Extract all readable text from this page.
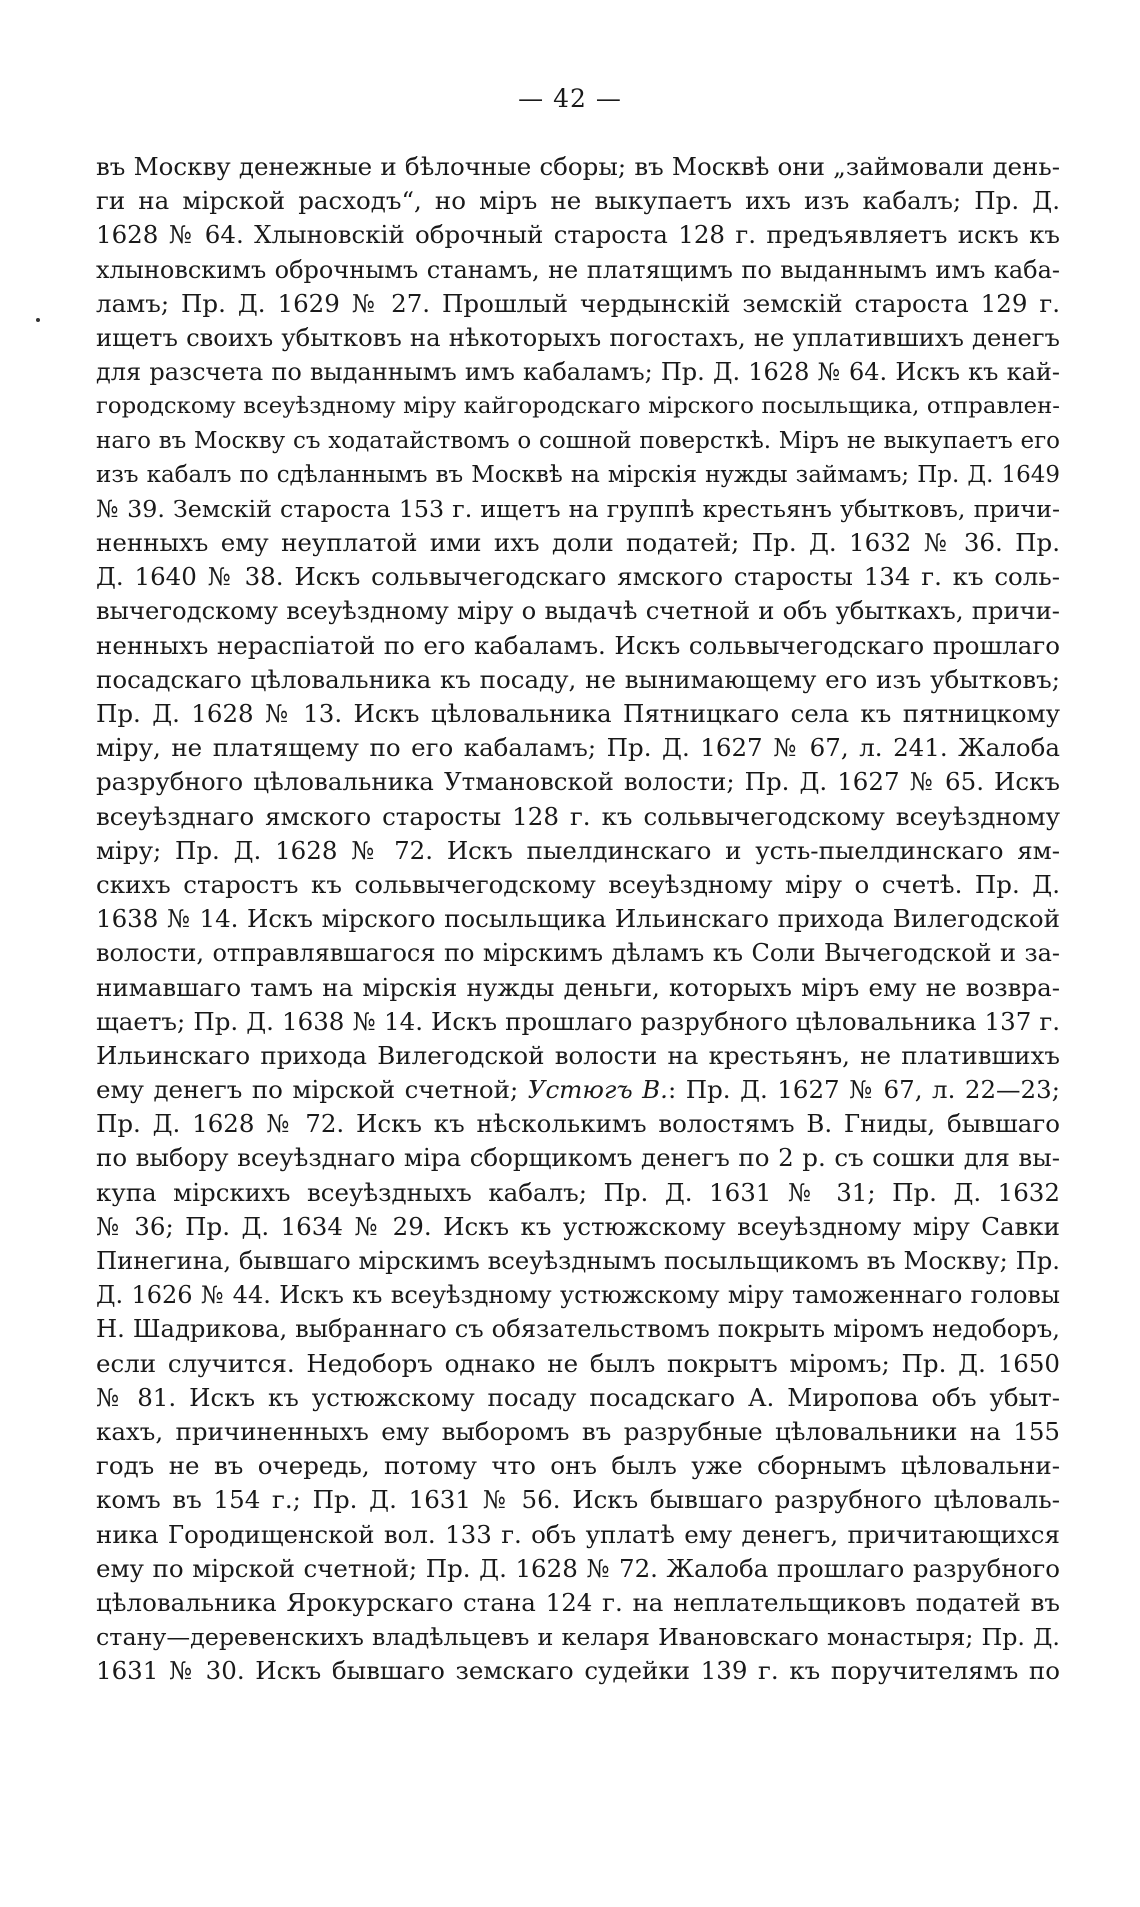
— 42 —
въ Москву денежные и бѣлочные сборы; въ Москвѣ они „займовали день-
ги на мірской расходъ“, но міръ не выкупаетъ ихъ изъ кабалъ; Пр. Д.
1628 № 64. Хлыновскій оброчный староста 128 г. предъявляетъ искъ къ
хлыновскимъ оброчнымъ станамъ, не платящимъ по выданнымъ имъ каба-
ламъ; Пр. Д. 1629 № 27. Прошлый чердынскій земскій староста 129 г.
ищетъ своихъ убытковъ на нѣкоторыхъ погостахъ, не уплатившихъ денегъ
для разсчета по выданнымъ имъ кабаламъ; Пр. Д. 1628 № 64. Искъ къ кай-
городскому всеуѣздному міру кайгородскаго мірского посыльщика, отправлен-
наго въ Москву съ ходатайствомъ о сошной поверсткѣ. Міръ не выкупаетъ его
изъ кабалъ по сдѣланнымъ въ Москвѣ на мірскія нужды займамъ; Пр. Д. 1649
№ 39. Земскій староста 153 г. ищетъ на группѣ крестьянъ убытковъ, причи-
ненныхъ ему неуплатой ими ихъ доли податей; Пр. Д. 1632 № 36. Пр.
Д. 1640 № 38. Искъ сольвычегодскаго ямского старосты 134 г. къ соль-
вычегодскому всеуѣздному міру о выдачѣ счетной и объ убыткахъ, причи-
ненныхъ нераспіатой по его кабаламъ. Искъ сольвычегодскаго прошлаго
посадскаго цѣловальника къ посаду, не вынимающему его изъ убытковъ;
Пр. Д. 1628 № 13. Искъ цѣловальника Пятницкаго села къ пятницкому
міру, не платящему по его кабаламъ; Пр. Д. 1627 № 67, л. 241. Жалоба
разрубного цѣловальника Утмановской волости; Пр. Д. 1627 № 65. Искъ
всеуѣзднаго ямского старосты 128 г. къ сольвычегодскому всеуѣздному
міру; Пр. Д. 1628 № 72. Искъ пыелдинскаго и усть-пыелдинскаго ям-
скихъ старостъ къ сольвычегодскому всеуѣздному міру о счетѣ. Пр. Д.
1638 № 14. Искъ мірского посыльщика Ильинскаго прихода Вилегодской
волости, отправлявшагося по мірскимъ дѣламъ къ Соли Вычегодской и за-
нимавшаго тамъ на мірскія нужды деньги, которыхъ міръ ему не возвра-
щаетъ; Пр. Д. 1638 № 14. Искъ прошлаго разрубного цѣловальника 137 г.
Ильинскаго прихода Вилегодской волости на крестьянъ, не платившихъ
ему денегъ по мірской счетной; Устюгъ В.: Пр. Д. 1627 № 67, л. 22—23;
Пр. Д. 1628 № 72. Искъ къ нѣсколькимъ волостямъ В. Гниды, бывшаго
по выбору всеуѣзднаго міра сборщикомъ денегъ по 2 р. съ сошки для вы-
купа мірскихъ всеуѣздныхъ кабалъ; Пр. Д. 1631 № 31; Пр. Д. 1632
№ 36; Пр. Д. 1634 № 29. Искъ къ устюжскому всеуѣздному міру Савки
Пинегина, бывшаго мірскимъ всеуѣзднымъ посыльщикомъ въ Москву; Пр.
Д. 1626 № 44. Искъ къ всеуѣздному устюжскому міру таможеннаго головы
Н. Шадрикова, выбраннаго съ обязательствомъ покрыть міромъ недоборъ,
если случится. Недоборъ однако не былъ покрытъ міромъ; Пр. Д. 1650
№ 81. Искъ къ устюжскому посаду посадскаго А. Миропова объ убыт-
кахъ, причиненныхъ ему выборомъ въ разрубные цѣловальники на 155
годъ не въ очередь, потому что онъ былъ уже сборнымъ цѣловальни-
комъ въ 154 г.; Пр. Д. 1631 № 56. Искъ бывшаго разрубного цѣловаль-
ника Городищенской вол. 133 г. объ уплатѣ ему денегъ, причитающихся
ему по мірской счетной; Пр. Д. 1628 № 72. Жалоба прошлаго разрубного
цѣловальника Ярокурскаго стана 124 г. на неплательщиковъ податей въ
стану—деревенскихъ владѣльцевъ и келаря Ивановскаго монастыря; Пр. Д.
1631 № 30. Искъ бывшаго земскаго судейки 139 г. къ поручителямъ по
